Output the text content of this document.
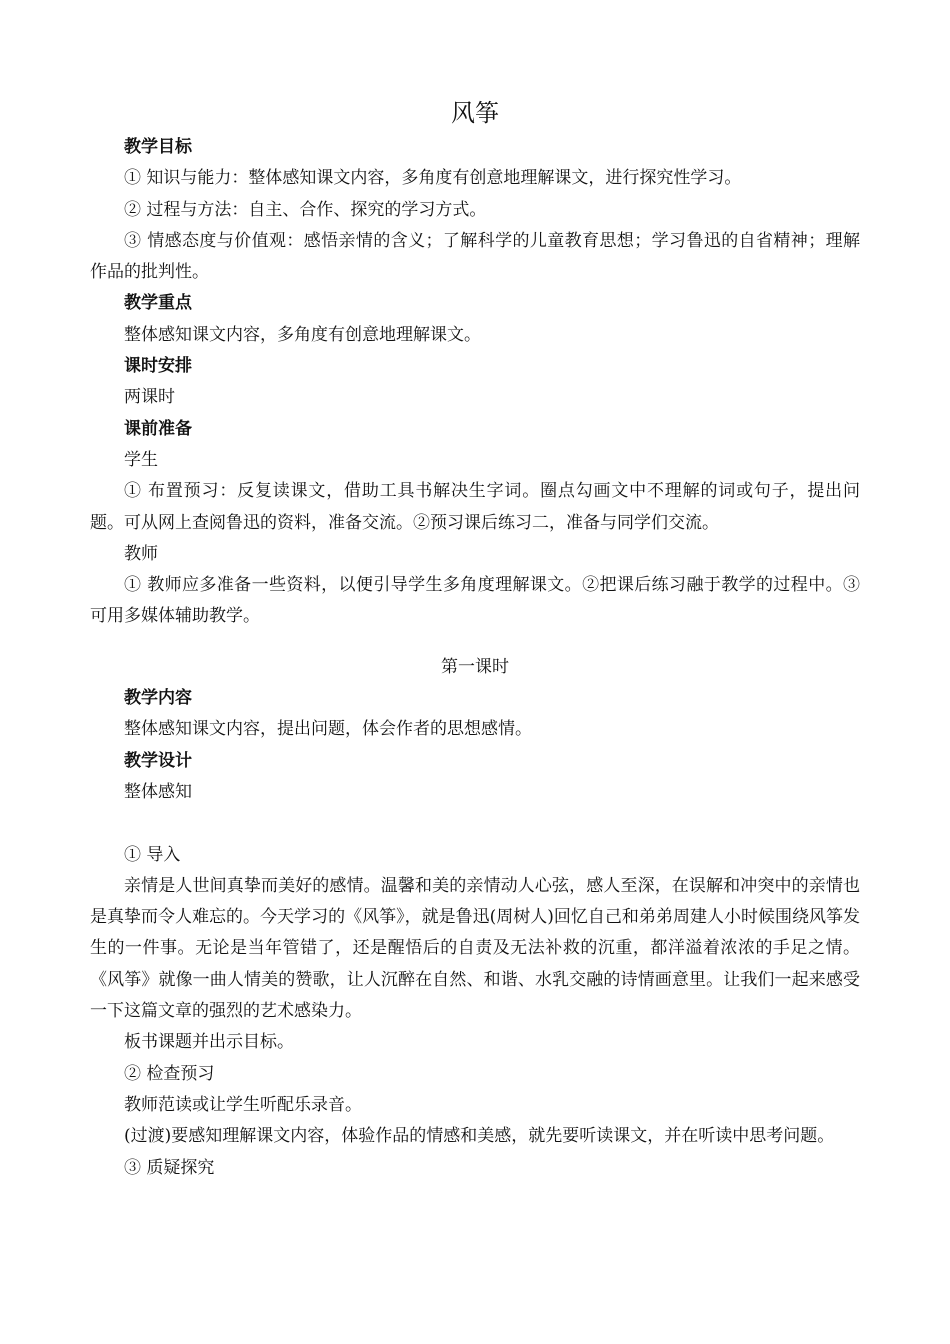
风筝

教学目标

① 知识与能力：整体感知课文内容，多角度有创意地理解课文，进行探究性学习。

② 过程与方法：自主、合作、探究的学习方式。

③ 情感态度与价值观：感悟亲情的含义；了解科学的儿童教育思想；学习鲁迅的自省精神；理解作品的批判性。

教学重点

整体感知课文内容，多角度有创意地理解课文。

课时安排

两课时

课前准备

学生

① 布置预习：反复读课文，借助工具书解决生字词。圈点勾画文中不理解的词或句子，提出问题。可从网上查阅鲁迅的资料，准备交流。②预习课后练习二，准备与同学们交流。

教师

① 教师应多准备一些资料，以便引导学生多角度理解课文。②把课后练习融于教学的过程中。③可用多媒体辅助教学。

第一课时

教学内容

整体感知课文内容，提出问题，体会作者的思想感情。

教学设计

整体感知

① 导入

亲情是人世间真挚而美好的感情。温馨和美的亲情动人心弦，感人至深，在误解和冲突中的亲情也是真挚而令人难忘的。今天学习的《风筝》，就是鲁迅(周树人)回忆自己和弟弟周建人小时候围绕风筝发生的一件事。无论是当年管错了，还是醒悟后的自责及无法补救的沉重，都洋溢着浓浓的手足之情。《风筝》就像一曲人情美的赞歌，让人沉醉在自然、和谐、水乳交融的诗情画意里。让我们一起来感受一下这篇文章的强烈的艺术感染力。

板书课题并出示目标。

② 检查预习

教师范读或让学生听配乐录音。

(过渡)要感知理解课文内容，体验作品的情感和美感，就先要听读课文，并在听读中思考问题。

③ 质疑探究
